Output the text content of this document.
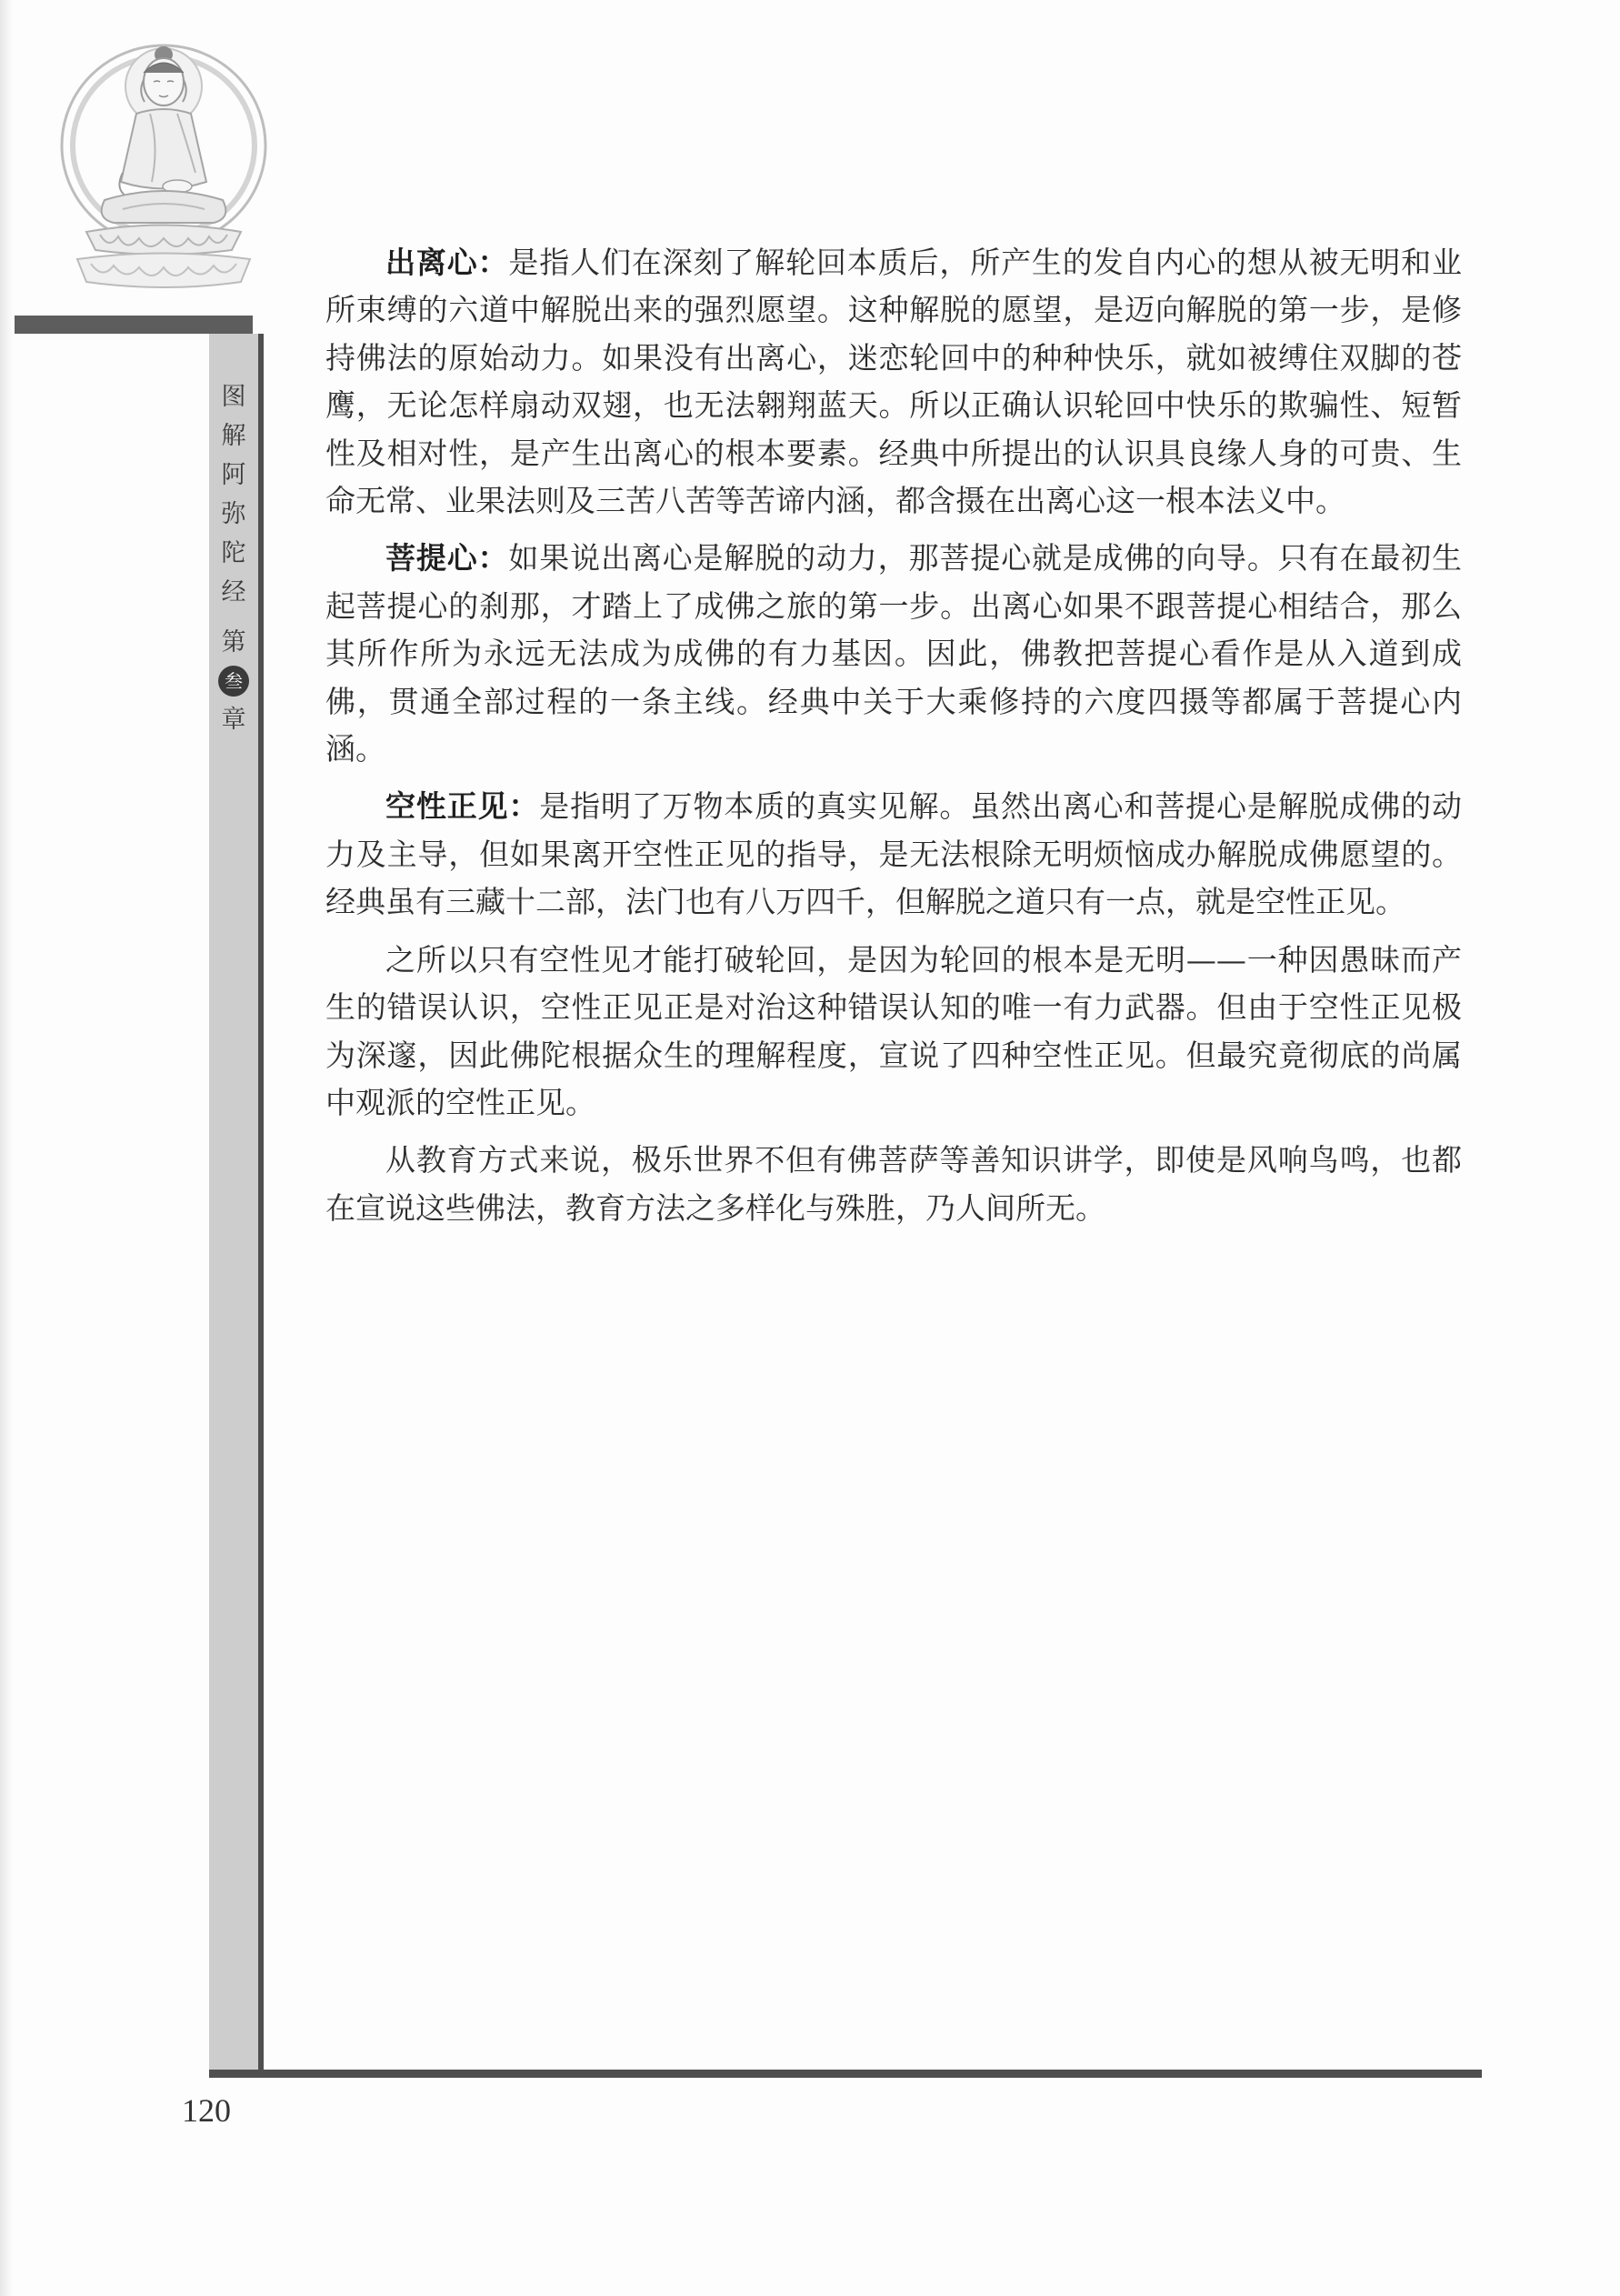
图
解
阿
弥
陀
经
第
叁
章
120

出离心：是指人们在深刻了解轮回本质后，所产生的发自内心的想从被无明和业所束缚的六道中解脱出来的强烈愿望。这种解脱的愿望，是迈向解脱的第一步，是修持佛法的原始动力。如果没有出离心，迷恋轮回中的种种快乐，就如被缚住双脚的苍鹰，无论怎样扇动双翅，也无法翱翔蓝天。所以正确认识轮回中快乐的欺骗性、短暂性及相对性，是产生出离心的根本要素。经典中所提出的认识具良缘人身的可贵、生命无常、业果法则及三苦八苦等苦谛内涵，都含摄在出离心这一根本法义中。

菩提心：如果说出离心是解脱的动力，那菩提心就是成佛的向导。只有在最初生起菩提心的刹那，才踏上了成佛之旅的第一步。出离心如果不跟菩提心相结合，那么其所作所为永远无法成为成佛的有力基因。因此，佛教把菩提心看作是从入道到成佛，贯通全部过程的一条主线。经典中关于大乘修持的六度四摄等都属于菩提心内涵。

空性正见：是指明了万物本质的真实见解。虽然出离心和菩提心是解脱成佛的动力及主导，但如果离开空性正见的指导，是无法根除无明烦恼成办解脱成佛愿望的。经典虽有三藏十二部，法门也有八万四千，但解脱之道只有一点，就是空性正见。

之所以只有空性见才能打破轮回，是因为轮回的根本是无明——一种因愚昧而产生的错误认识，空性正见正是对治这种错误认知的唯一有力武器。但由于空性正见极为深邃，因此佛陀根据众生的理解程度，宣说了四种空性正见。但最究竟彻底的尚属中观派的空性正见。

从教育方式来说，极乐世界不但有佛菩萨等善知识讲学，即使是风响鸟鸣，也都在宣说这些佛法，教育方法之多样化与殊胜，乃人间所无。
